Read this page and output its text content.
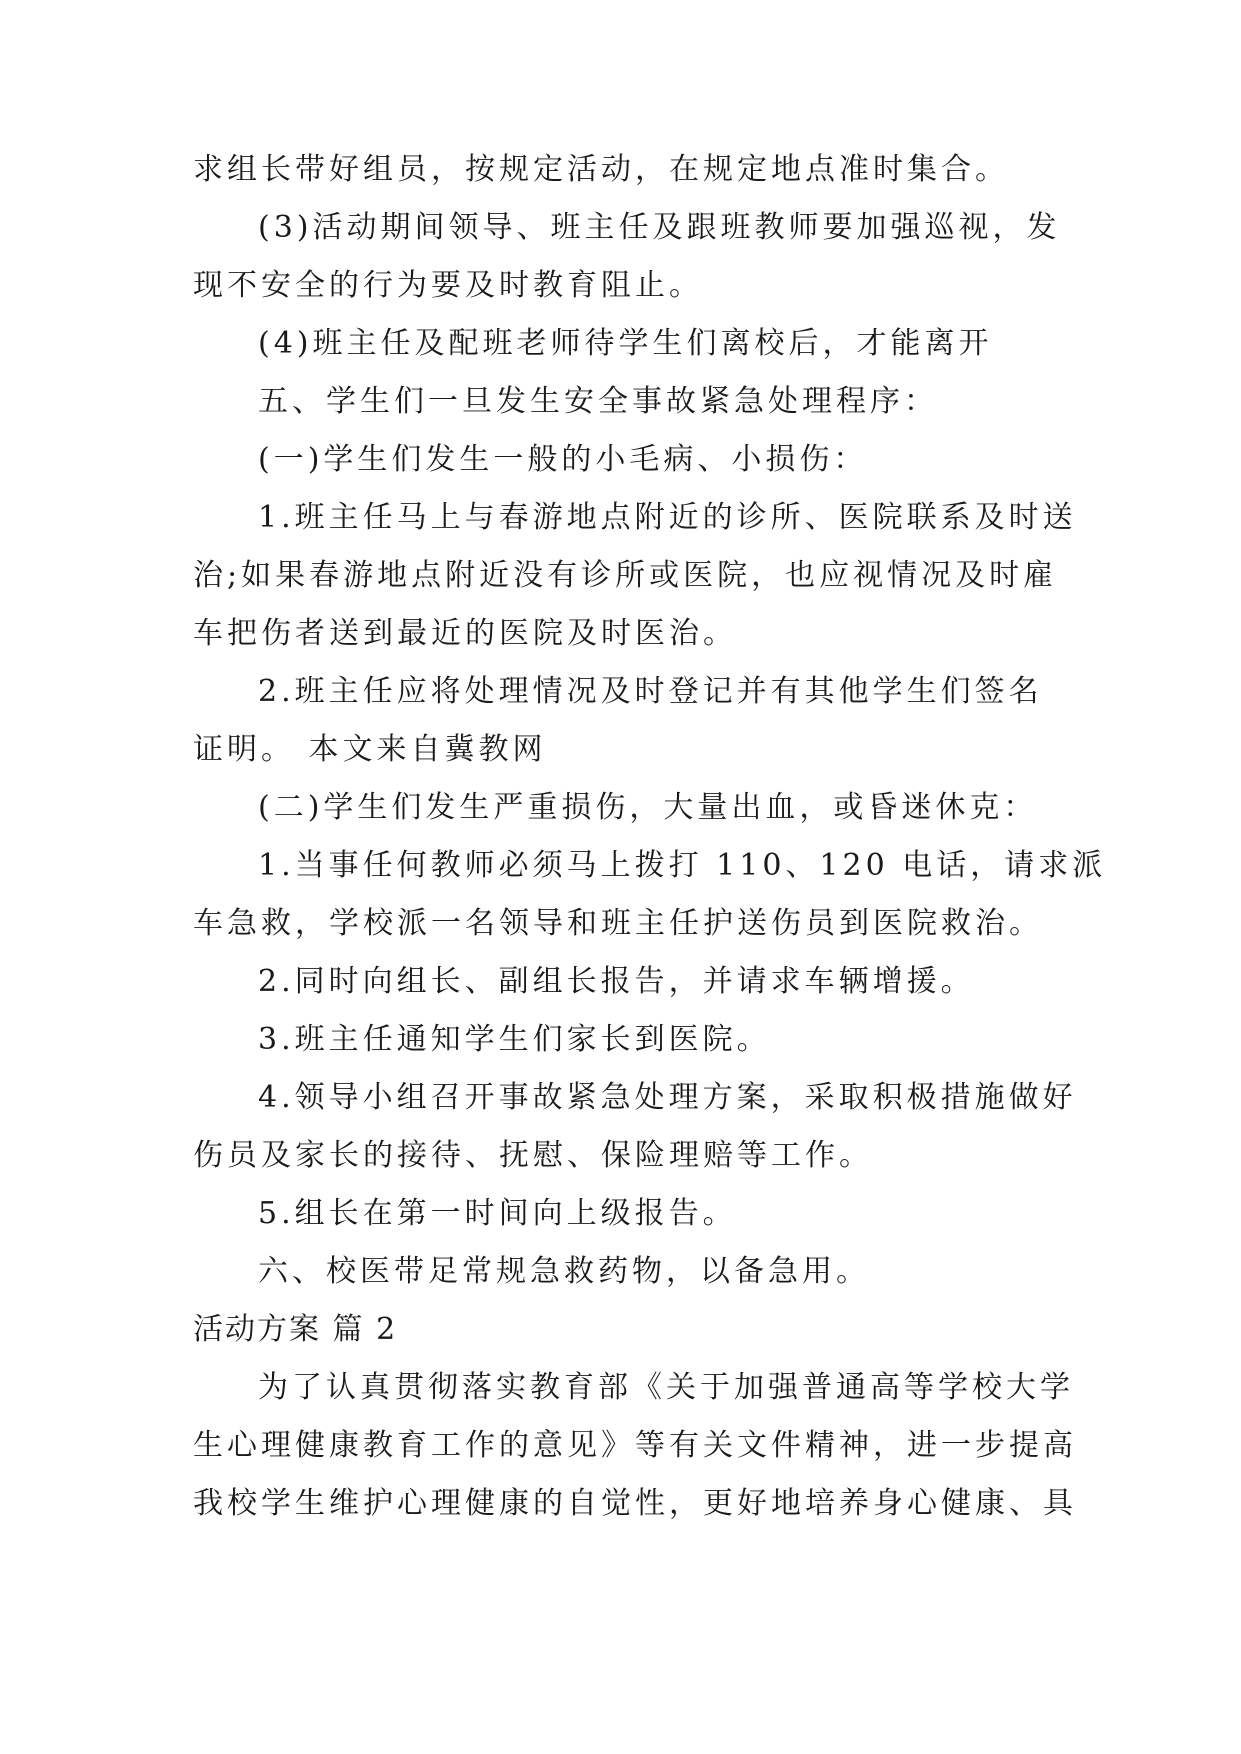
求组长带好组员，按规定活动，在规定地点准时集合。
(3)活动期间领导、班主任及跟班教师要加强巡视，发
现不安全的行为要及时教育阻止。
(4)班主任及配班老师待学生们离校后，才能离开
五、学生们一旦发生安全事故紧急处理程序：
(一)学生们发生一般的小毛病、小损伤：
1.班主任马上与春游地点附近的诊所、医院联系及时送
治;如果春游地点附近没有诊所或医院，也应视情况及时雇
车把伤者送到最近的医院及时医治。
2.班主任应将处理情况及时登记并有其他学生们签名
证明。 本文来自冀教网
(二)学生们发生严重损伤，大量出血，或昏迷休克：
1.当事任何教师必须马上拨打 110、120 电话，请求派
车急救，学校派一名领导和班主任护送伤员到医院救治。
2.同时向组长、副组长报告，并请求车辆增援。
3.班主任通知学生们家长到医院。
4.领导小组召开事故紧急处理方案，采取积极措施做好
伤员及家长的接待、抚慰、保险理赔等工作。
5.组长在第一时间向上级报告。
六、校医带足常规急救药物，以备急用。
活动方案 篇 2
为了认真贯彻落实教育部《关于加强普通高等学校大学
生心理健康教育工作的意见》等有关文件精神，进一步提高
我校学生维护心理健康的自觉性，更好地培养身心健康、具
